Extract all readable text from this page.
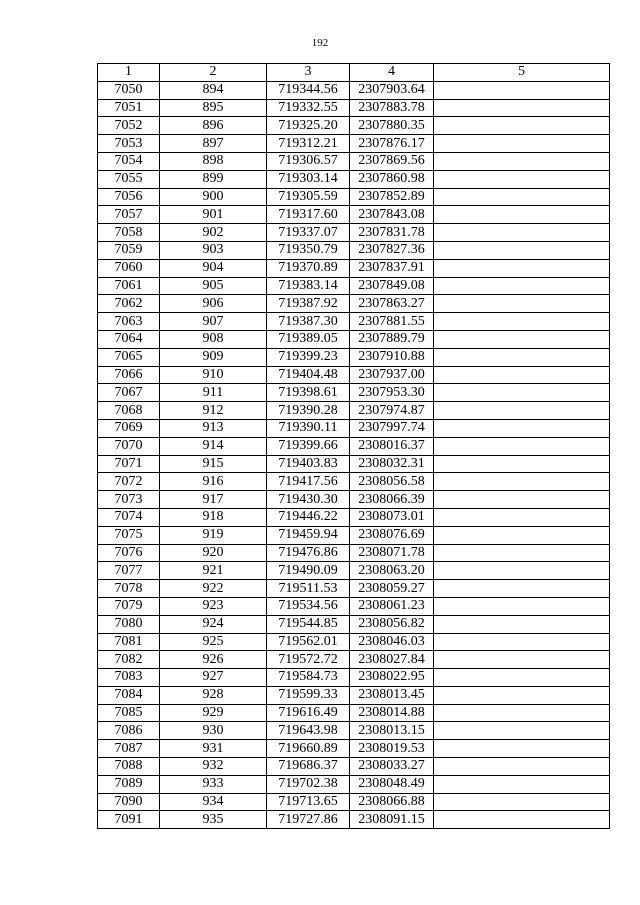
192
1	2	3	4	5
7050	894	719344.56	2307903.64	
7051	895	719332.55	2307883.78	
7052	896	719325.20	2307880.35	
7053	897	719312.21	2307876.17	
7054	898	719306.57	2307869.56	
7055	899	719303.14	2307860.98	
7056	900	719305.59	2307852.89	
7057	901	719317.60	2307843.08	
7058	902	719337.07	2307831.78	
7059	903	719350.79	2307827.36	
7060	904	719370.89	2307837.91	
7061	905	719383.14	2307849.08	
7062	906	719387.92	2307863.27	
7063	907	719387.30	2307881.55	
7064	908	719389.05	2307889.79	
7065	909	719399.23	2307910.88	
7066	910	719404.48	2307937.00	
7067	911	719398.61	2307953.30	
7068	912	719390.28	2307974.87	
7069	913	719390.11	2307997.74	
7070	914	719399.66	2308016.37	
7071	915	719403.83	2308032.31	
7072	916	719417.56	2308056.58	
7073	917	719430.30	2308066.39	
7074	918	719446.22	2308073.01	
7075	919	719459.94	2308076.69	
7076	920	719476.86	2308071.78	
7077	921	719490.09	2308063.20	
7078	922	719511.53	2308059.27	
7079	923	719534.56	2308061.23	
7080	924	719544.85	2308056.82	
7081	925	719562.01	2308046.03	
7082	926	719572.72	2308027.84	
7083	927	719584.73	2308022.95	
7084	928	719599.33	2308013.45	
7085	929	719616.49	2308014.88	
7086	930	719643.98	2308013.15	
7087	931	719660.89	2308019.53	
7088	932	719686.37	2308033.27	
7089	933	719702.38	2308048.49	
7090	934	719713.65	2308066.88	
7091	935	719727.86	2308091.15	
